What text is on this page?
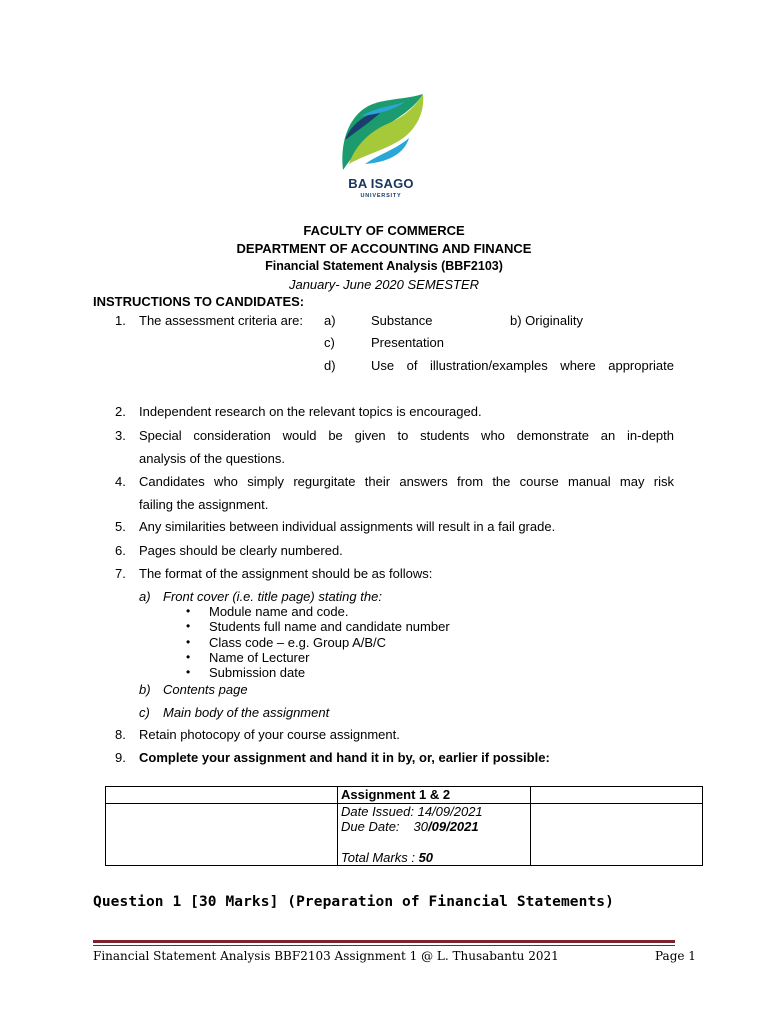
BA ISAGO
UNIVERSITY
FACULTY OF COMMERCE
DEPARTMENT OF ACCOUNTING AND FINANCE
Financial Statement Analysis (BBF2103)
January- June 2020 SEMESTER
INSTRUCTIONS TO CANDIDATES:
1.	The assessment criteria are: a)	Substance	b) Originality
c)	Presentation
d)	Use of illustration/examples where appropriate
2.	Independent research on the relevant topics is encouraged.
3.	Special consideration would be given to students who demonstrate an in-depth
analysis of the questions.
4.	Candidates who simply regurgitate their answers from the course manual may risk
failing the assignment.
5.	Any similarities between individual assignments will result in a fail grade.
6.	Pages should be clearly numbered.
7.	The format of the assignment should be as follows:
a) Front cover (i.e. title page) stating the:
• Module name and code.
• Students full name and candidate number
• Class code – e.g. Group A/B/C
• Name of Lecturer
• Submission date
b) Contents page
c) Main body of the assignment
8.	Retain photocopy of your course assignment.
9.	Complete your assignment and hand it in by, or, earlier if possible:
	Assignment 1 & 2	

	Date Issued: 14/09/2021
Due Date: 30/09/2021
Total Marks : 50	

Question 1 [30 Marks] (Preparation of Financial Statements)
Financial Statement Analysis BBF2103 Assignment 1 @ L. Thusabantu 2021	Page 1
